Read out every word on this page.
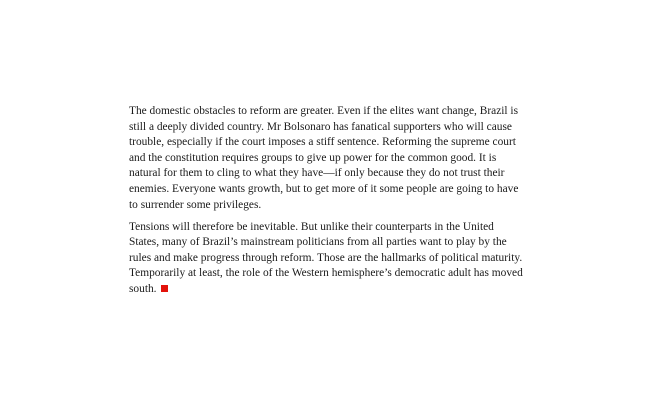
The domestic obstacles to reform are greater. Even if the elites want change, Brazil is
still a deeply divided country. Mr Bolsonaro has fanatical supporters who will cause
trouble, especially if the court imposes a stiff sentence. Reforming the supreme court
and the constitution requires groups to give up power for the common good. It is
natural for them to cling to what they have—if only because they do not trust their
enemies. Everyone wants growth, but to get more of it some people are going to have
to surrender some privileges.

Tensions will therefore be inevitable. But unlike their counterparts in the United
States, many of Brazil’s mainstream politicians from all parties want to play by the
rules and make progress through reform. Those are the hallmarks of political maturity.
Temporarily at least, the role of the Western hemisphere’s democratic adult has moved
south.
